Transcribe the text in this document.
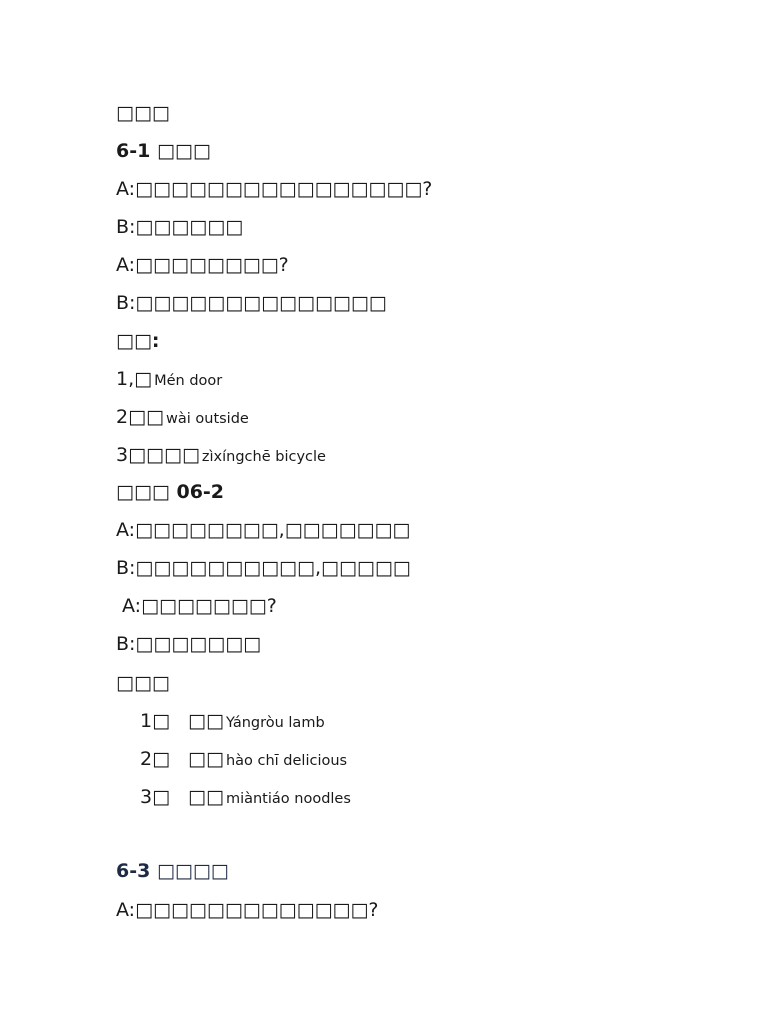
□□□
6-1 □□□
A:□□□□□□□□□□□□□□□□?
B:□□□□□□
A:□□□□□□□□?
B:□□□□□□□□□□□□□□
□□:
1,□ Mén door
2□□ wài outside
3□□□□ zìxíngchē bicycle
□□□ 06-2
A:□□□□□□□□,□□□□□□□
B:□□□□□□□□□□,□□□□□
A:□□□□□□□?
B:□□□□□□□
□□□
1□ □□ Yángròu lamb
2□ □□ hào chī delicious
3□ □□ miàntiáo noodles
6-3 □□□□
A:□□□□□□□□□□□□□?
